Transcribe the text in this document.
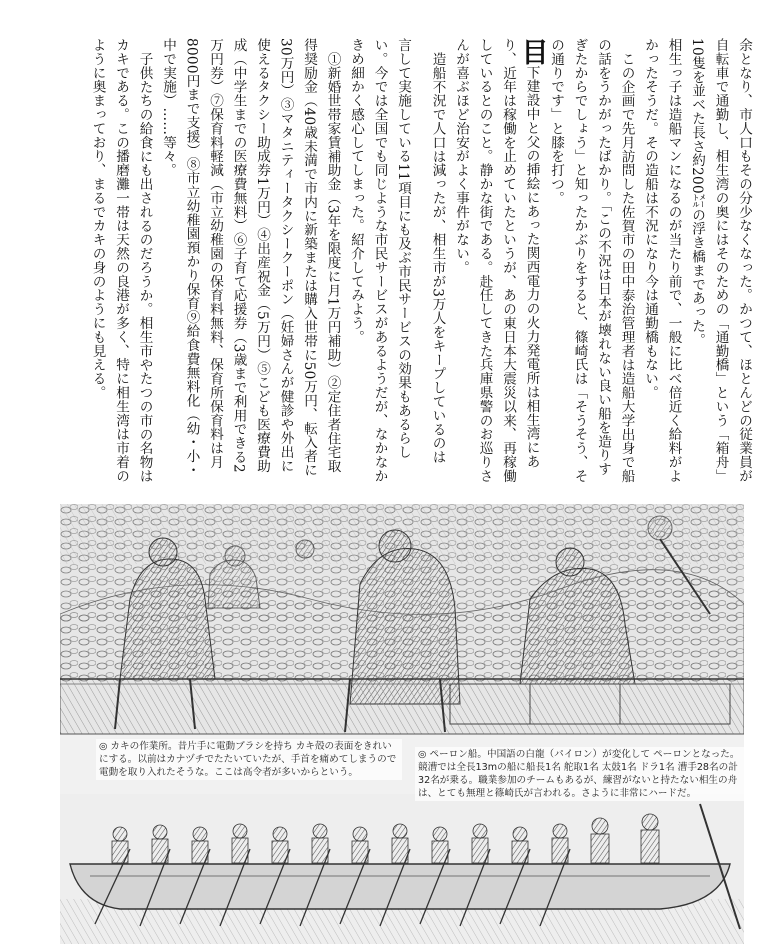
余となり、市人口もその分少なくなった。かつて、ほとんどの従業員が自転車で通勤し、相生湾の奥にはそのための「通勤橋」という「箱舟」10隻を並べた長さ約200㍍の浮き橋まであった。

相生っ子は造船マンになるのが当たり前で、一般に比べ倍近く給料がよかったそうだ。その造船は不況になり今は通勤橋もない。

この企画で先月訪問した佐賀市の田中泰治管理者は造船大学出身で船の話をうかがったばかり。「この不況は日本が壊れない良い船を造りすぎたからでしょう」と知ったかぶりをすると、篠崎氏は「そうそう、その通りです」と膝を打つ。

目下建設中と父の挿絵にあった関西電力の火力発電所は相生湾にあり、近年は稼働を止めていたというが、あの東日本大震災以来、再稼働しているとのこと。静かな街である。赴任してきた兵庫県警のお巡りさんが喜ぶほど治安がよく事件がない。

造船不況で人口は減ったが、相生市が3万人をキープしているのは

言して実施している11項目にも及ぶ市民サービスの効果もあるらしい。今では全国でも同じような市民サービスがあるようだが、なかなかきめ細かく感心してしまった。紹介してみよう。

①新婚世帯家賃補助金（3年を限度に月1万円補助）②定住者住宅取得奨励金（40歳未満で市内に新築または購入世帯に50万円、転入者に30万円）③マタニティータクシークーポン（妊婦さんが健診や外出に使えるタクシー助成券1万円）④出産祝金（5万円）⑤こども医療費助成（中学生までの医療費無料）⑥子育て応援券（3歳まで利用できる2万円券）⑦保育料軽減（市立幼稚園の保育料無料、保育所保育料は月8000円まで支援）⑧市立幼稚園預かり保育⑨給食費無料化（幼・小・中で実施）……等々。

子供たちの給食にも出されるのだろうか。相生市やたつの市の名物はカキである。この播磨灘一帯は天然の良港が多く、特に相生湾は市着のように奥まっており、まるでカキの身のようにも見える。

◎ カキの作業所。昔片手に電動ブラシを持ち カキ殻の表面をきれいにする。以前はカナヅチでたたいていたが、手首を痛めてしまうので電動を取り入れたそうな。ここは高令者が多いからという。
◎ ペーロン船。中国語の白龍（パイロン）が変化して ペーロンとなった。競漕では全長13mの船に船長1名 舵取1名 太鼓1名 ドラ1名 漕手28名の計32名が乗る。職業参加のチームもあるが、練習がないと持たない相生の舟は、とても無理と篠崎氏が言われる。さように非常にハードだ。
